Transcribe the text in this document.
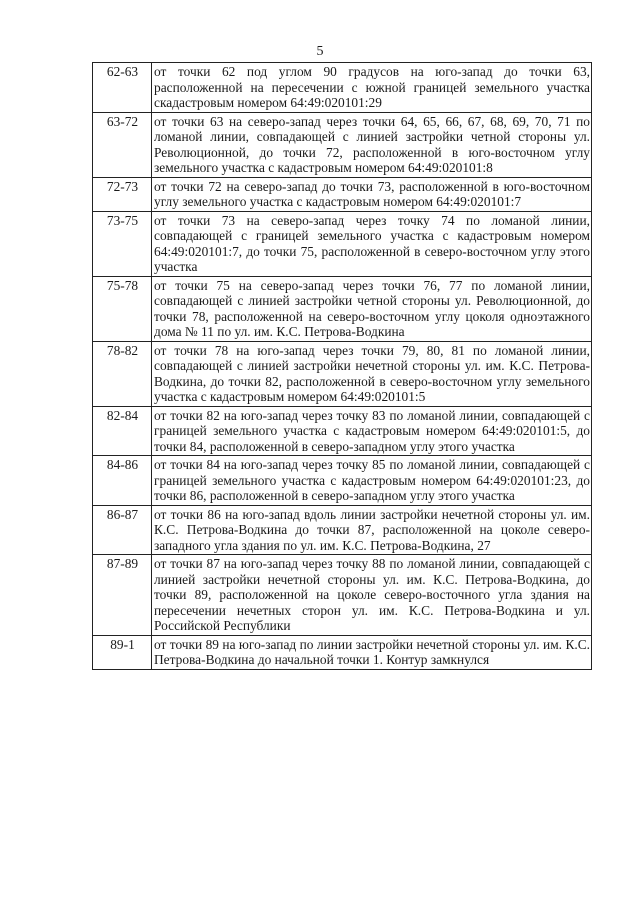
5
62-63	от точки 62 под углом 90 градусов на юго-запад до точки 63, расположенной на пересечении с южной границей земельного участка скадастровым номером 64:49:020101:29
63-72	от точки 63 на северо-запад через точки 64, 65, 66, 67, 68, 69, 70, 71 по ломаной линии, совпадающей с линией застройки четной стороны ул. Революционной, до точки 72, расположенной в юго-восточном углу земельного участка с кадастровым номером 64:49:020101:8
72-73	от точки 72 на северо-запад до точки 73, расположенной в юго-восточном углу земельного участка с кадастровым номером 64:49:020101:7
73-75	от точки 73 на северо-запад через точку 74 по ломаной линии, совпадающей с границей земельного участка с кадастровым номером 64:49:020101:7, до точки 75, расположенной в северо-восточном углу этого участка
75-78	от точки 75 на северо-запад через точки 76, 77 по ломаной линии, совпадающей с линией застройки четной стороны ул. Революционной, до точки 78, расположенной на северо-восточном углу цоколя одноэтажного дома № 11 по ул. им. К.С. Петрова-Водкина
78-82	от точки 78 на юго-запад через точки 79, 80, 81 по ломаной линии, совпадающей с линией застройки нечетной стороны ул. им. К.С. Петрова-Водкина, до точки 82, расположенной в северо-восточном углу земельного участка с кадастровым номером 64:49:020101:5
82-84	от точки 82 на юго-запад через точку 83 по ломаной линии, совпадающей с границей земельного участка с кадастровым номером 64:49:020101:5, до точки 84, расположенной в северо-западном углу этого участка
84-86	от точки 84 на юго-запад через точку 85 по ломаной линии, совпадающей с границей земельного участка с кадастровым номером 64:49:020101:23, до точки 86, расположенной в северо-западном углу этого участка
86-87	от точки 86 на юго-запад вдоль линии застройки нечетной стороны ул. им. К.С. Петрова-Водкина до точки 87, расположенной на цоколе северо-западного угла здания по ул. им. К.С. Петрова-Водкина, 27
87-89	от точки 87 на юго-запад через точку 88 по ломаной линии, совпадающей с линией застройки нечетной стороны ул. им. К.С. Петрова-Водкина, до точки 89, расположенной на цоколе северо-восточного угла здания на пересечении нечетных сторон ул. им. К.С. Петрова-Водкина и ул. Российской Республики
89-1	от точки 89 на юго-запад по линии застройки нечетной стороны ул. им. К.С. Петрова-Водкина до начальной точки 1. Контур замкнулся
